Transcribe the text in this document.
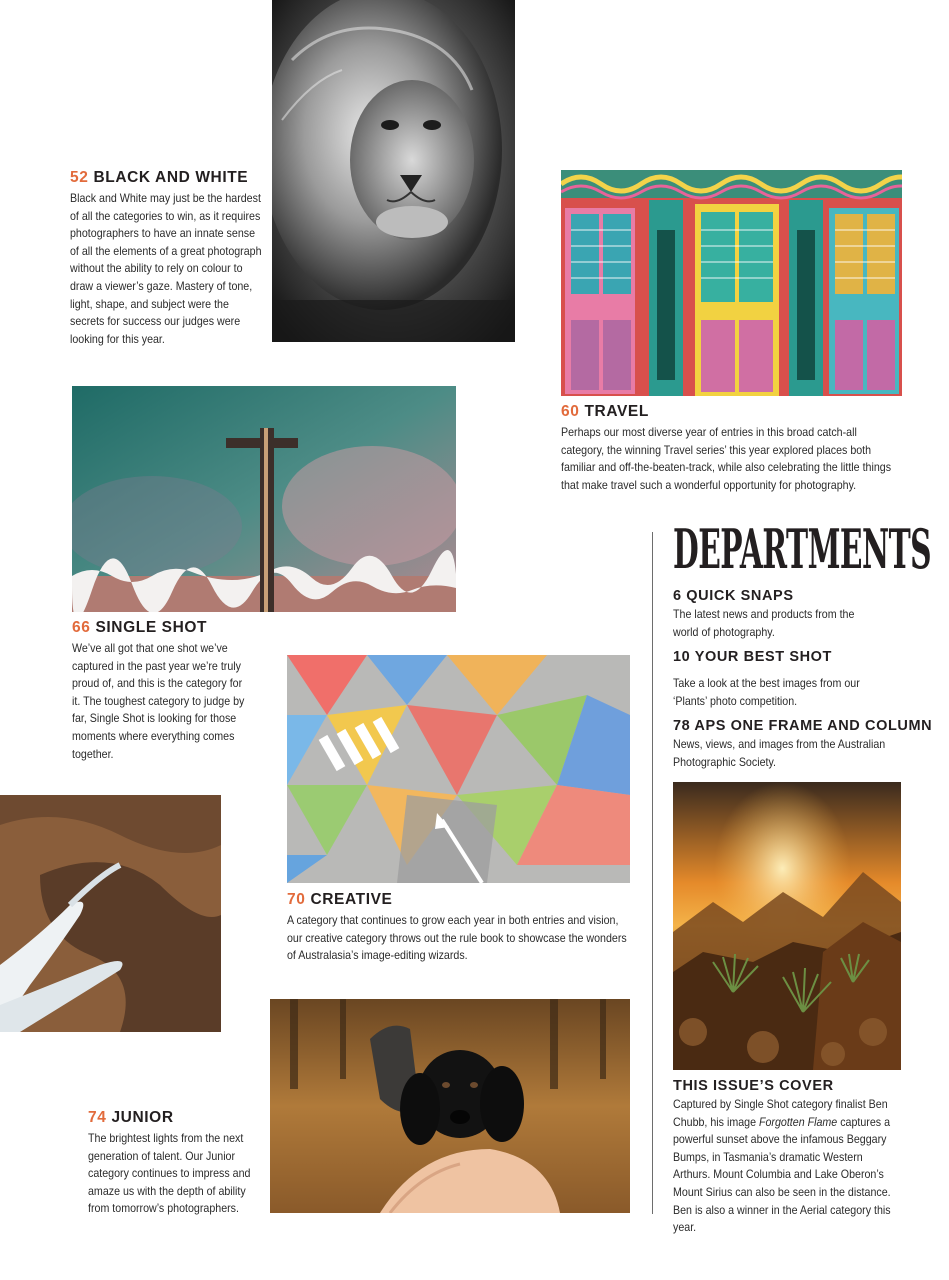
52 BLACK AND WHITE

Black and White may just be the hardest of all the categories to win, as it requires photographers to have an innate sense of all the elements of a great photograph without the ability to rely on colour to draw a viewer’s gaze. Mastery of tone, light, shape, and subject were the secrets for success our judges were looking for this year.

60 TRAVEL

Perhaps our most diverse year of entries in this broad catch-all category, the winning Travel series’ this year explored places both familiar and off-the-beaten-track, while also celebrating the little things that make travel such a wonderful opportunity for photography.

66 SINGLE SHOT

We’ve all got that one shot we’ve captured in the past year we’re truly proud of, and this is the category for it. The toughest category to judge by far, Single Shot is looking for those moments where everything comes together.

70 CREATIVE

A category that continues to grow each year in both entries and vision, our creative category throws out the rule book to showcase the wonders of Australasia’s image-editing wizards.

74 JUNIOR

The brightest lights from the next generation of talent. Our Junior category continues to impress and amaze us with the depth of ability from tomorrow’s photographers.

DEPARTMENTS
6 QUICK SNAPS

The latest news and products from the world of photography.

10 YOUR BEST SHOT

Take a look at the best images from our ‘Plants’ photo competition.

78 APS ONE FRAME AND COLUMN

News, views, and images from the Australian Photographic Society.

THIS ISSUE’S COVER

Captured by Single Shot category finalist Ben Chubb, his image Forgotten Flame captures a powerful sunset above the infamous Beggary Bumps, in Tasmania’s dramatic Western Arthurs. Mount Columbia and Lake Oberon’s Mount Sirius can also be seen in the distance. Ben is also a winner in the Aerial category this year.
